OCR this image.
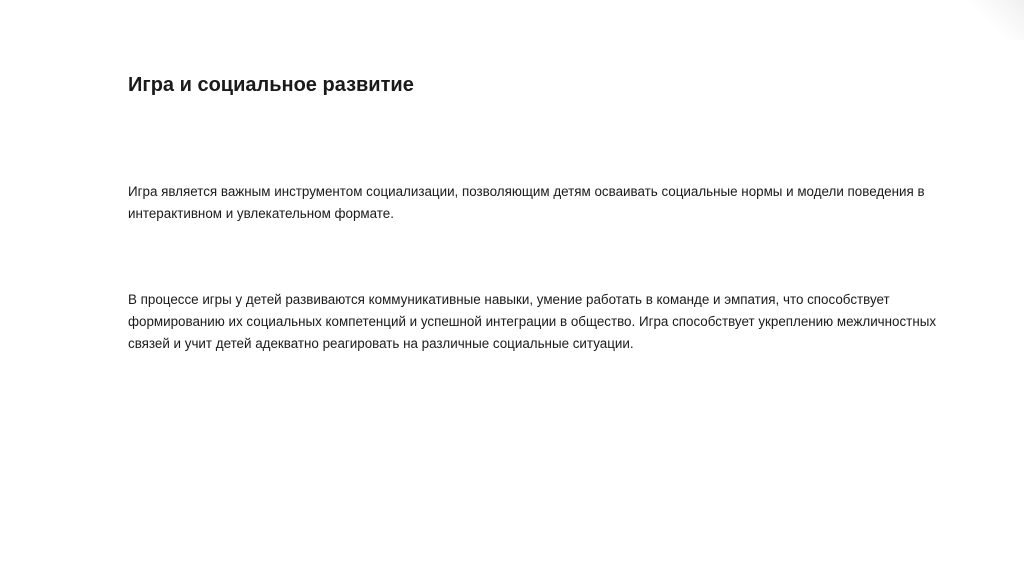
Игра и социальное развитие

Игра является важным инструментом социализации, позволяющим детям осваивать социальные нормы и модели поведения в интерактивном и увлекательном формате.

В процессе игры у детей развиваются коммуникативные навыки, умение работать в команде и эмпатия, что способствует формированию их социальных компетенций и успешной интеграции в общество. Игра способствует укреплению межличностных связей и учит детей адекватно реагировать на различные социальные ситуации.
